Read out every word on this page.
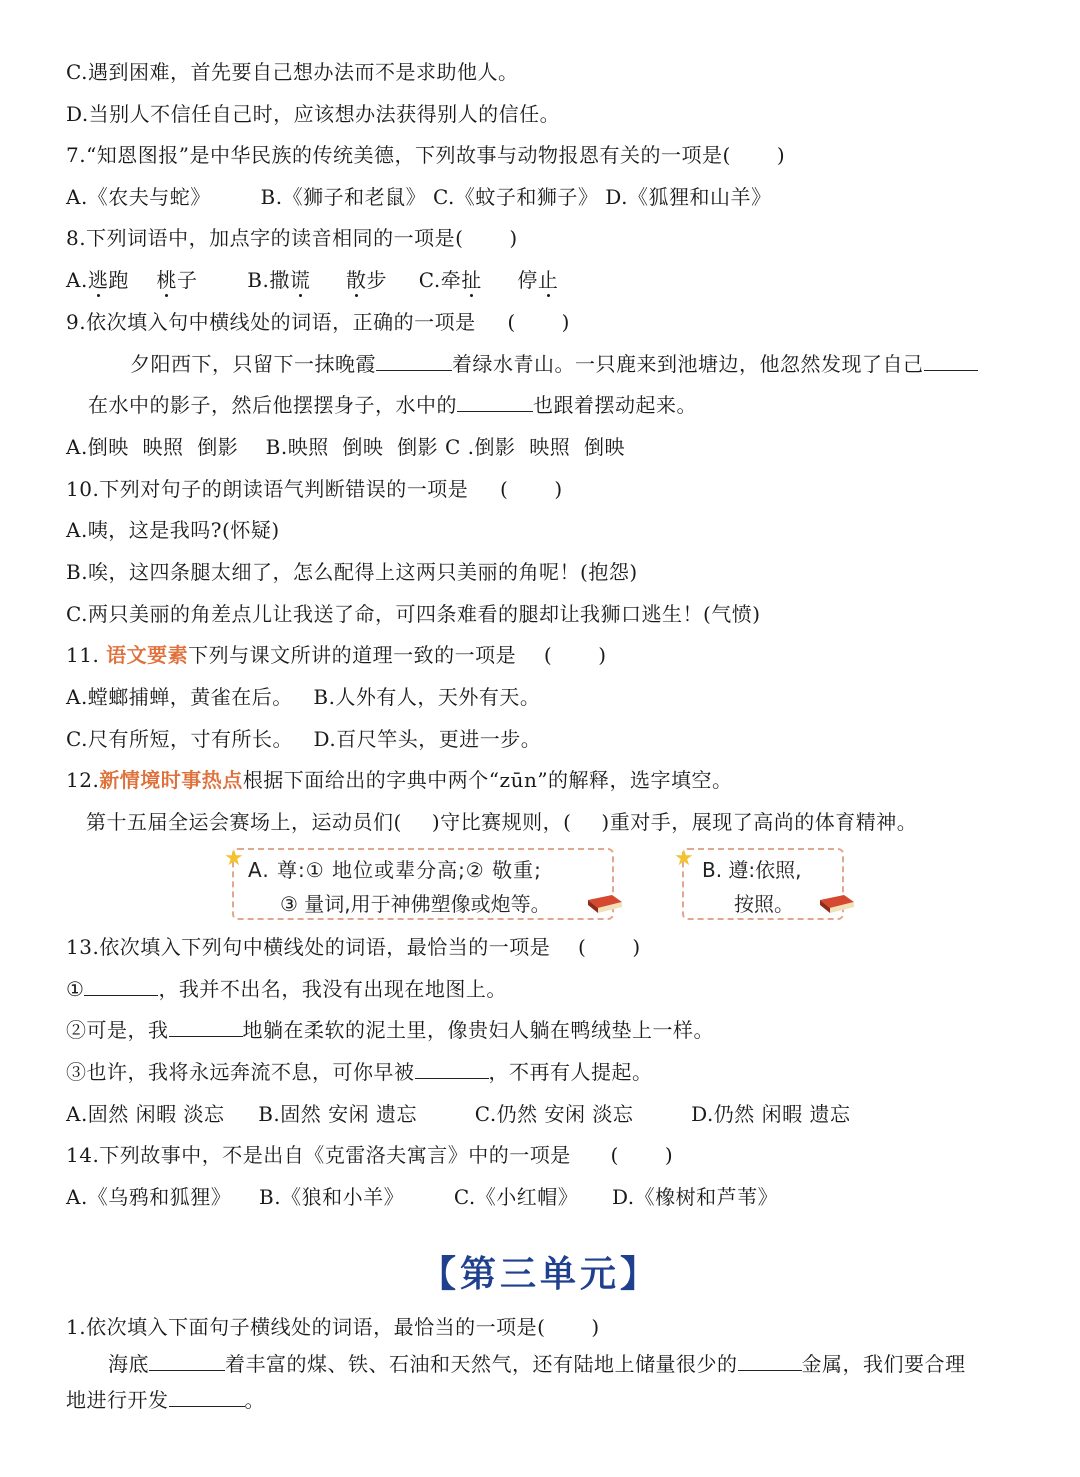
C.遇到困难，首先要自己想办法而不是求助他人。
D.当别人不信任自己时，应该想办法获得别人的信任。
7.“知恩图报”是中华民族的传统美德，下列故事与动物报恩有关的一项是( )
A.《农夫与蛇》 B.《狮子和老鼠》 C.《蚊子和狮子》 D.《狐狸和山羊》
8.下列词语中，加点字的读音相同的一项是( )
A.逃跑 桃子 B.撒谎 散步 C.牵扯 停止
9.依次填入句中横线处的词语，正确的一项是 ( )
夕阳西下，只留下一抹晚霞	着绿水青山。一只鹿来到池塘边，他忽然发现了自己
在水中的影子，然后他摆摆身子，水中的	也跟着摆动起来。
A.倒映  映照  倒影    B.映照  倒映  倒影 C .倒影  映照  倒映
10.下列对句子的朗读语气判断错误的一项是 ( )
A.咦，这是我吗?(怀疑)
B.唉，这四条腿太细了，怎么配得上这两只美丽的角呢！(抱怨)
C.两只美丽的角差点儿让我送了命，可四条难看的腿却让我狮口逃生！(气愤)
11. 语文要素下列与课文所讲的道理一致的一项是 ( )
A.螳螂捕蝉，黄雀在后。   B.人外有人，天外有天。
C.尺有所短，寸有所长。   D.百尺竿头，更进一步。
12.新情境时事热点根据下面给出的字典中两个“zūn”的解释，选字填空。
第十五届全运会赛场上，运动员们( )守比赛规则，( )重对手，展现了高尚的体育精神。
★ A. 尊:① 地位或辈分高;② 敬重;
③ 量词,用于神佛塑像或炮等。
★ B. 遵:依照,
按照。
13.依次填入下列句中横线处的词语，最恰当的一项是 ( )
①	，我并不出名，我没有出现在地图上。
②可是，我	地躺在柔软的泥土里，像贵妇人躺在鸭绒垫上一样。
③也许，我将永远奔流不息，可你早被	，不再有人提起。
A.固然 闲暇 淡忘 B.固然 安闲 遗忘	C.仍然 安闲 淡忘	D.仍然 闲暇 遗忘
14.下列故事中，不是出自《克雷洛夫寓言》中的一项是 ( )
A.《乌鸦和狐狸》 B.《狼和小羊》 C.《小红帽》 D.《橡树和芦苇》
【第三单元】
1.依次填入下面句子横线处的词语，最恰当的一项是( )
海底	着丰富的煤、铁、石油和天然气，还有陆地上储量很少的	金属，我们要合理
地进行开发	。
